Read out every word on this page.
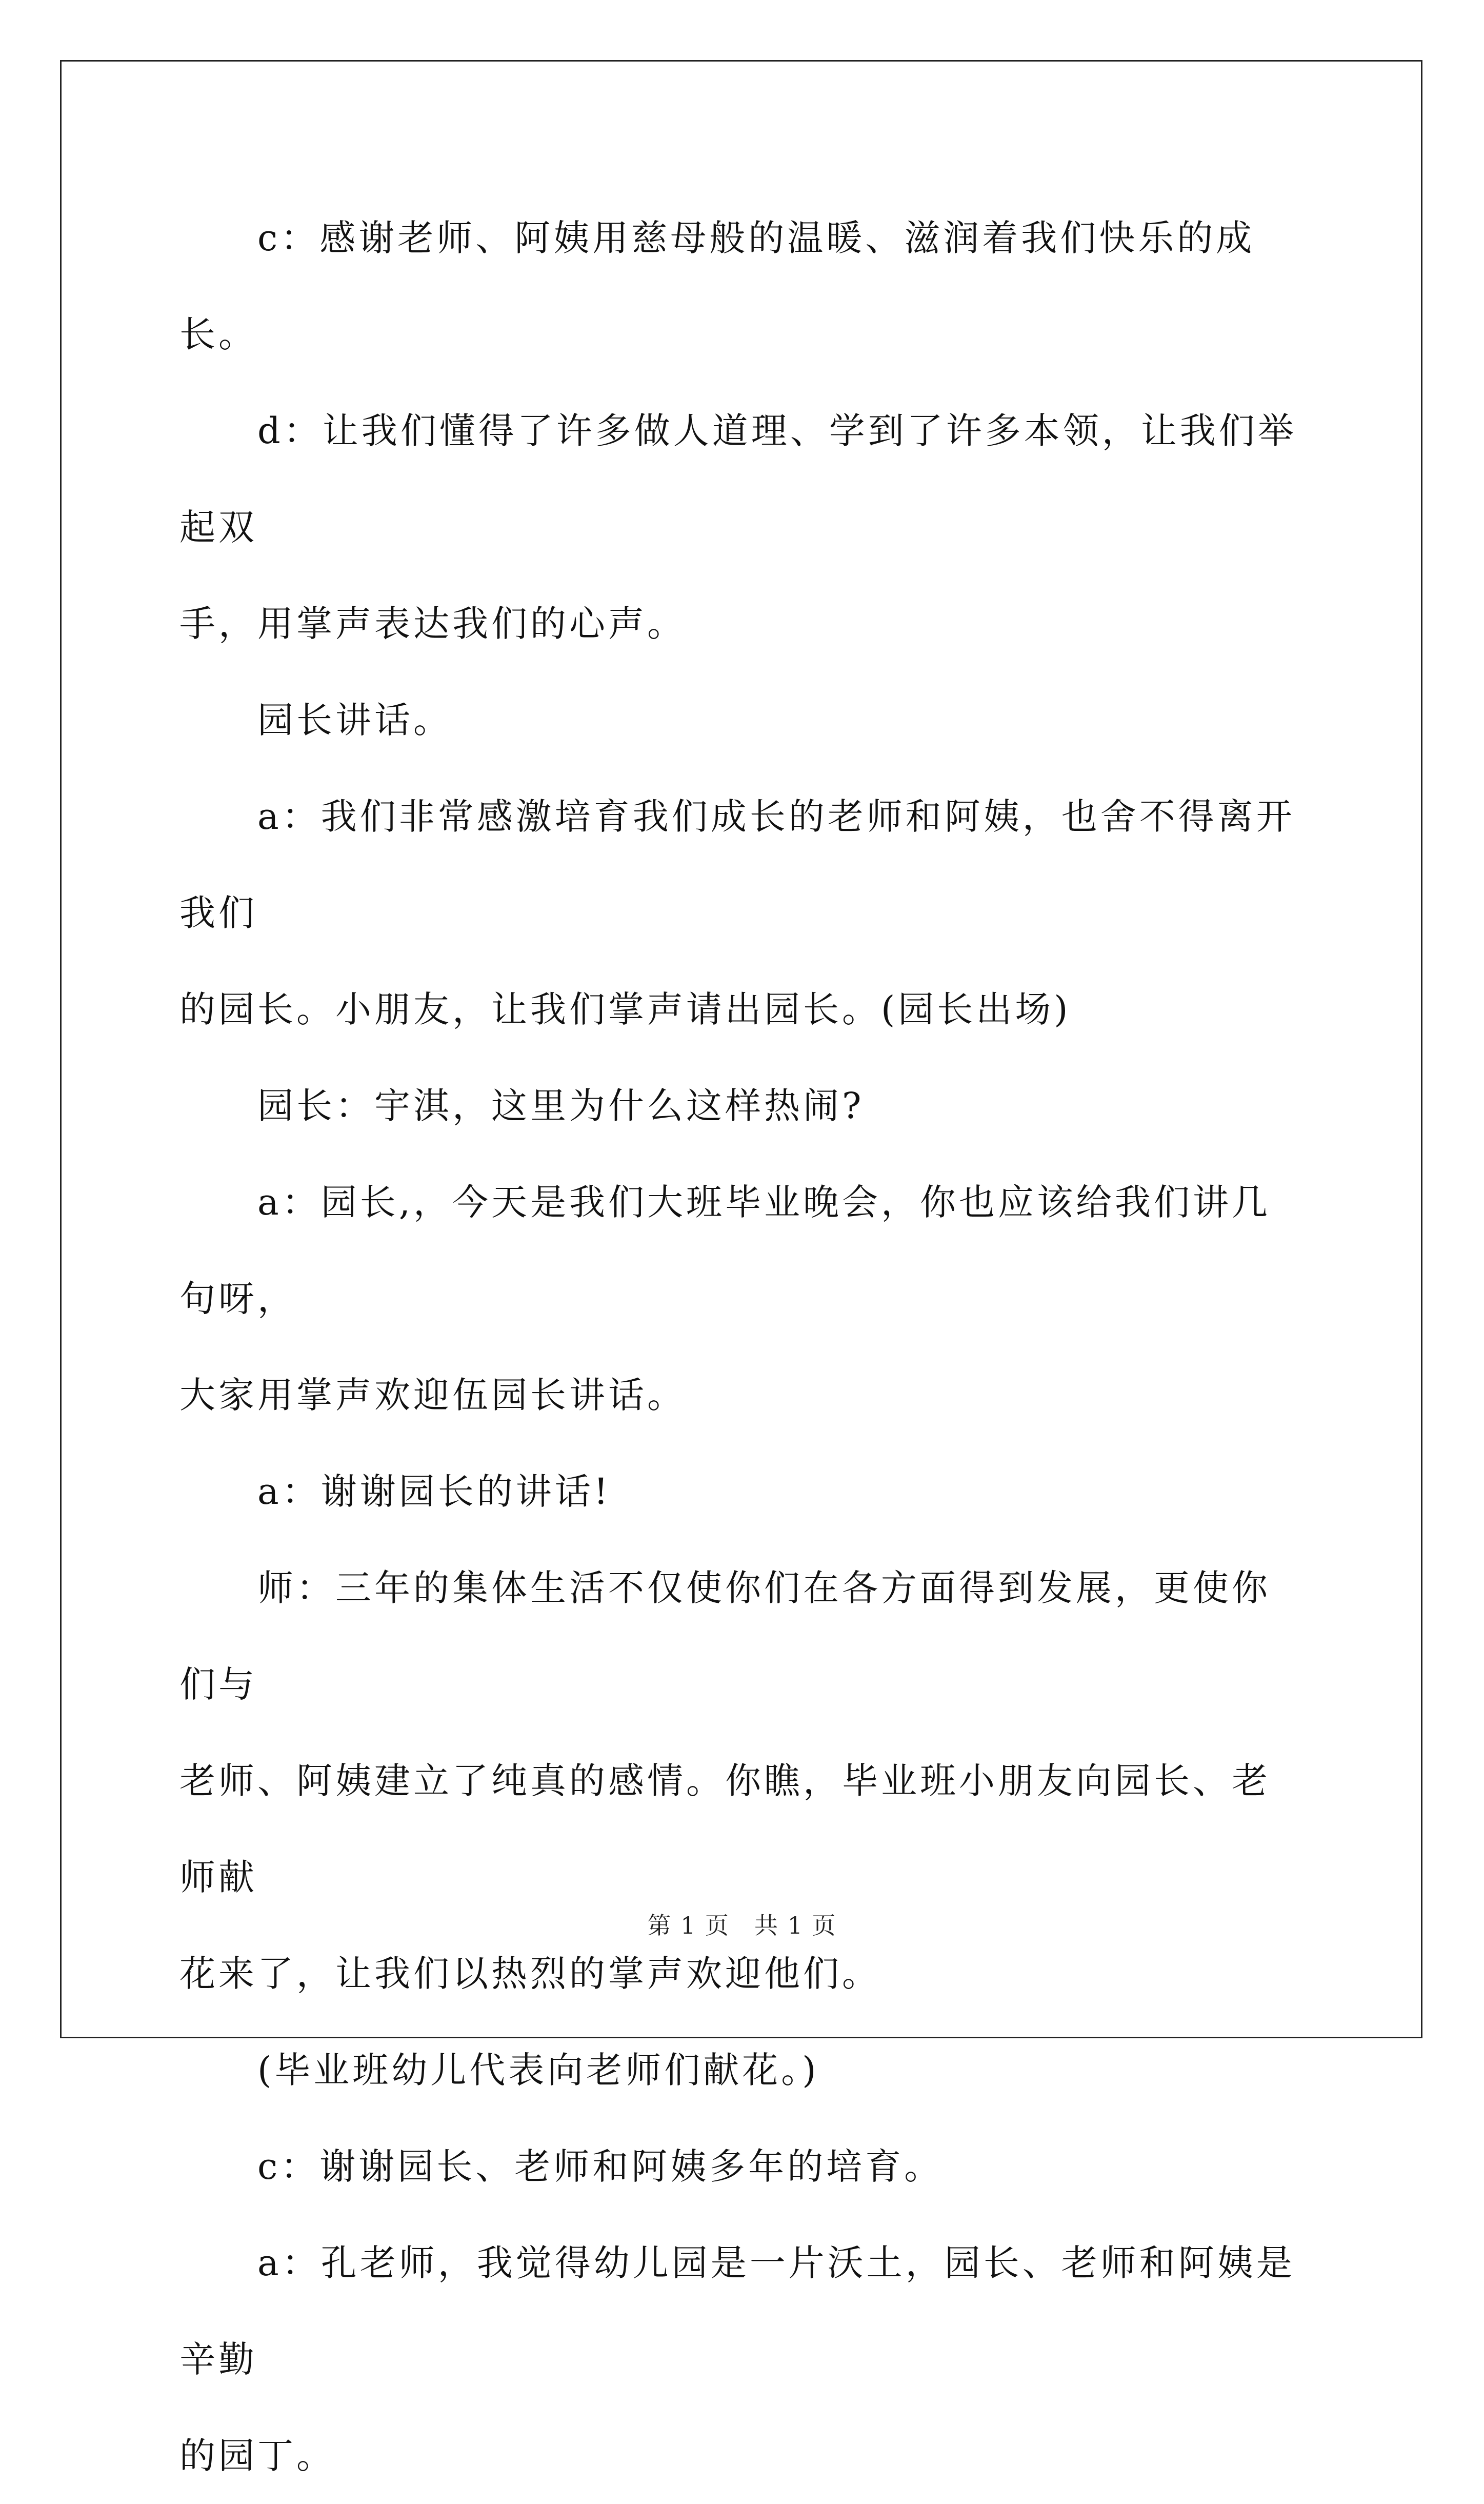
c：感谢老师、阿姨用慈母般的温暖、滋润着我们快乐的成长。

d：让我们懂得了许多做人道理、学到了许多本领，让我们举起双

手，用掌声表达我们的心声。

园长讲话。

a：我们非常感激培育我们成长的老师和阿姨，也舍不得离开我们

的园长。小朋友，让我们掌声请出园长。(园长出场)

园长：宇淇，这里为什么这样热闹?

a：园长,，今天是我们大班毕业晚会，你也应该给我们讲几句呀，

大家用掌声欢迎伍园长讲话。

a：谢谢园长的讲话!

师：三年的集体生活不仅使你们在各方面得到发展，更使你们与

老师、阿姨建立了纯真的感情。你瞧，毕业班小朋友向园长、老师献

花来了，让我们以热烈的掌声欢迎他们。

(毕业班幼儿代表向老师们献花。)

c：谢谢园长、老师和阿姨多年的培育。

a：孔老师，我觉得幼儿园是一片沃土，园长、老师和阿姨是辛勤

的园丁。

第 1 页　共 1 页
